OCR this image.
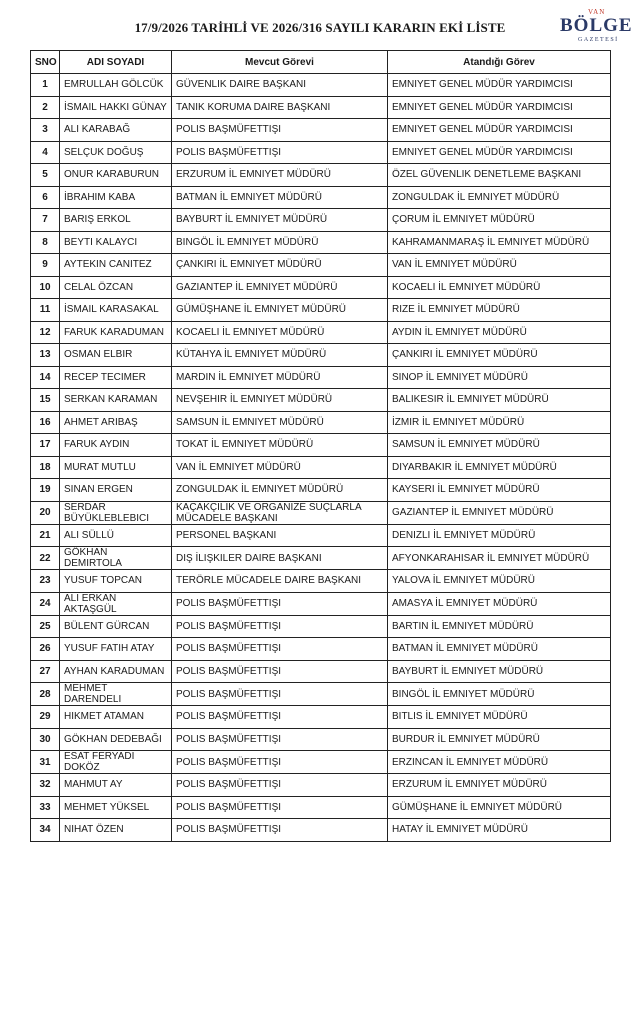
17/9/2026 TARİHLİ VE 2026/316 SAYILI KARARIN EKİ LİSTE
VAN
BÖLGE
GAZETESİ
SNO	ADI SOYADI	Mevcut Görevi	Atandığı Görev
1	EMRULLAH GÖLCÜK	GÜVENLIK DAIRE BAŞKANI	EMNIYET GENEL MÜDÜR YARDIMCISI
2	İSMAIL HAKKI GÜNAY	TANIK KORUMA DAIRE BAŞKANI	EMNIYET GENEL MÜDÜR YARDIMCISI
3	ALI KARABAĞ	POLIS BAŞMÜFETTIŞI	EMNIYET GENEL MÜDÜR YARDIMCISI
4	SELÇUK DOĞUŞ	POLIS BAŞMÜFETTIŞI	EMNIYET GENEL MÜDÜR YARDIMCISI
5	ONUR KARABURUN	ERZURUM İL EMNIYET MÜDÜRÜ	ÖZEL GÜVENLIK DENETLEME BAŞKANI
6	İBRAHIM KABA	BATMAN İL EMNIYET MÜDÜRÜ	ZONGULDAK İL EMNIYET MÜDÜRÜ
7	BARIŞ ERKOL	BAYBURT İL EMNIYET MÜDÜRÜ	ÇORUM İL EMNIYET MÜDÜRÜ
8	BEYTI KALAYCI	BINGÖL İL EMNIYET MÜDÜRÜ	KAHRAMANMARAŞ İL EMNIYET MÜDÜRÜ
9	AYTEKIN CANITEZ	ÇANKIRI İL EMNIYET MÜDÜRÜ	VAN İL EMNIYET MÜDÜRÜ
10	CELAL ÖZCAN	GAZIANTEP İL EMNIYET MÜDÜRÜ	KOCAELI İL EMNIYET MÜDÜRÜ
11	İSMAIL KARASAKAL	GÜMÜŞHANE İL EMNIYET MÜDÜRÜ	RIZE İL EMNIYET MÜDÜRÜ
12	FARUK KARADUMAN	KOCAELI İL EMNIYET MÜDÜRÜ	AYDIN İL EMNIYET MÜDÜRÜ
13	OSMAN ELBIR	KÜTAHYA İL EMNIYET MÜDÜRÜ	ÇANKIRI İL EMNIYET MÜDÜRÜ
14	RECEP TECIMER	MARDIN İL EMNIYET MÜDÜRÜ	SINOP İL EMNIYET MÜDÜRÜ
15	SERKAN KARAMAN	NEVŞEHIR İL EMNIYET MÜDÜRÜ	BALIKESIR İL EMNIYET MÜDÜRÜ
16	AHMET ARIBAŞ	SAMSUN İL EMNIYET MÜDÜRÜ	İZMIR İL EMNIYET MÜDÜRÜ
17	FARUK AYDIN	TOKAT İL EMNIYET MÜDÜRÜ	SAMSUN İL EMNIYET MÜDÜRÜ
18	MURAT MUTLU	VAN İL EMNIYET MÜDÜRÜ	DIYARBAKIR İL EMNIYET MÜDÜRÜ
19	SINAN ERGEN	ZONGULDAK İL EMNIYET MÜDÜRÜ	KAYSERI İL EMNIYET MÜDÜRÜ
20	SERDAR BÜYÜKLEBLEBICI	KAÇAKÇILIK VE ORGANIZE SUÇLARLA MÜCADELE BAŞKANI	GAZIANTEP İL EMNIYET MÜDÜRÜ
21	ALI SÜLLÜ	PERSONEL BAŞKANI	DENIZLI İL EMNIYET MÜDÜRÜ
22	GÖKHAN DEMIRTOLA	DIŞ İLIŞKILER DAIRE BAŞKANI	AFYONKARAHISAR İL EMNIYET MÜDÜRÜ
23	YUSUF TOPCAN	TERÖRLE MÜCADELE DAIRE BAŞKANI	YALOVA İL EMNIYET MÜDÜRÜ
24	ALI ERKAN AKTAŞGÜL	POLIS BAŞMÜFETTIŞI	AMASYA İL EMNIYET MÜDÜRÜ
25	BÜLENT GÜRCAN	POLIS BAŞMÜFETTIŞI	BARTIN İL EMNIYET MÜDÜRÜ
26	YUSUF FATIH ATAY	POLIS BAŞMÜFETTIŞI	BATMAN İL EMNIYET MÜDÜRÜ
27	AYHAN KARADUMAN	POLIS BAŞMÜFETTIŞI	BAYBURT İL EMNIYET MÜDÜRÜ
28	MEHMET DARENDELI	POLIS BAŞMÜFETTIŞI	BINGÖL İL EMNIYET MÜDÜRÜ
29	HIKMET ATAMAN	POLIS BAŞMÜFETTIŞI	BITLIS İL EMNIYET MÜDÜRÜ
30	GÖKHAN DEDEBAĞI	POLIS BAŞMÜFETTIŞI	BURDUR İL EMNIYET MÜDÜRÜ
31	ESAT FERYADI DOKÖZ	POLIS BAŞMÜFETTIŞI	ERZINCAN İL EMNIYET MÜDÜRÜ
32	MAHMUT AY	POLIS BAŞMÜFETTIŞI	ERZURUM İL EMNIYET MÜDÜRÜ
33	MEHMET YÜKSEL	POLIS BAŞMÜFETTIŞI	GÜMÜŞHANE İL EMNIYET MÜDÜRÜ
34	NIHAT ÖZEN	POLIS BAŞMÜFETTIŞI	HATAY İL EMNIYET MÜDÜRÜ
